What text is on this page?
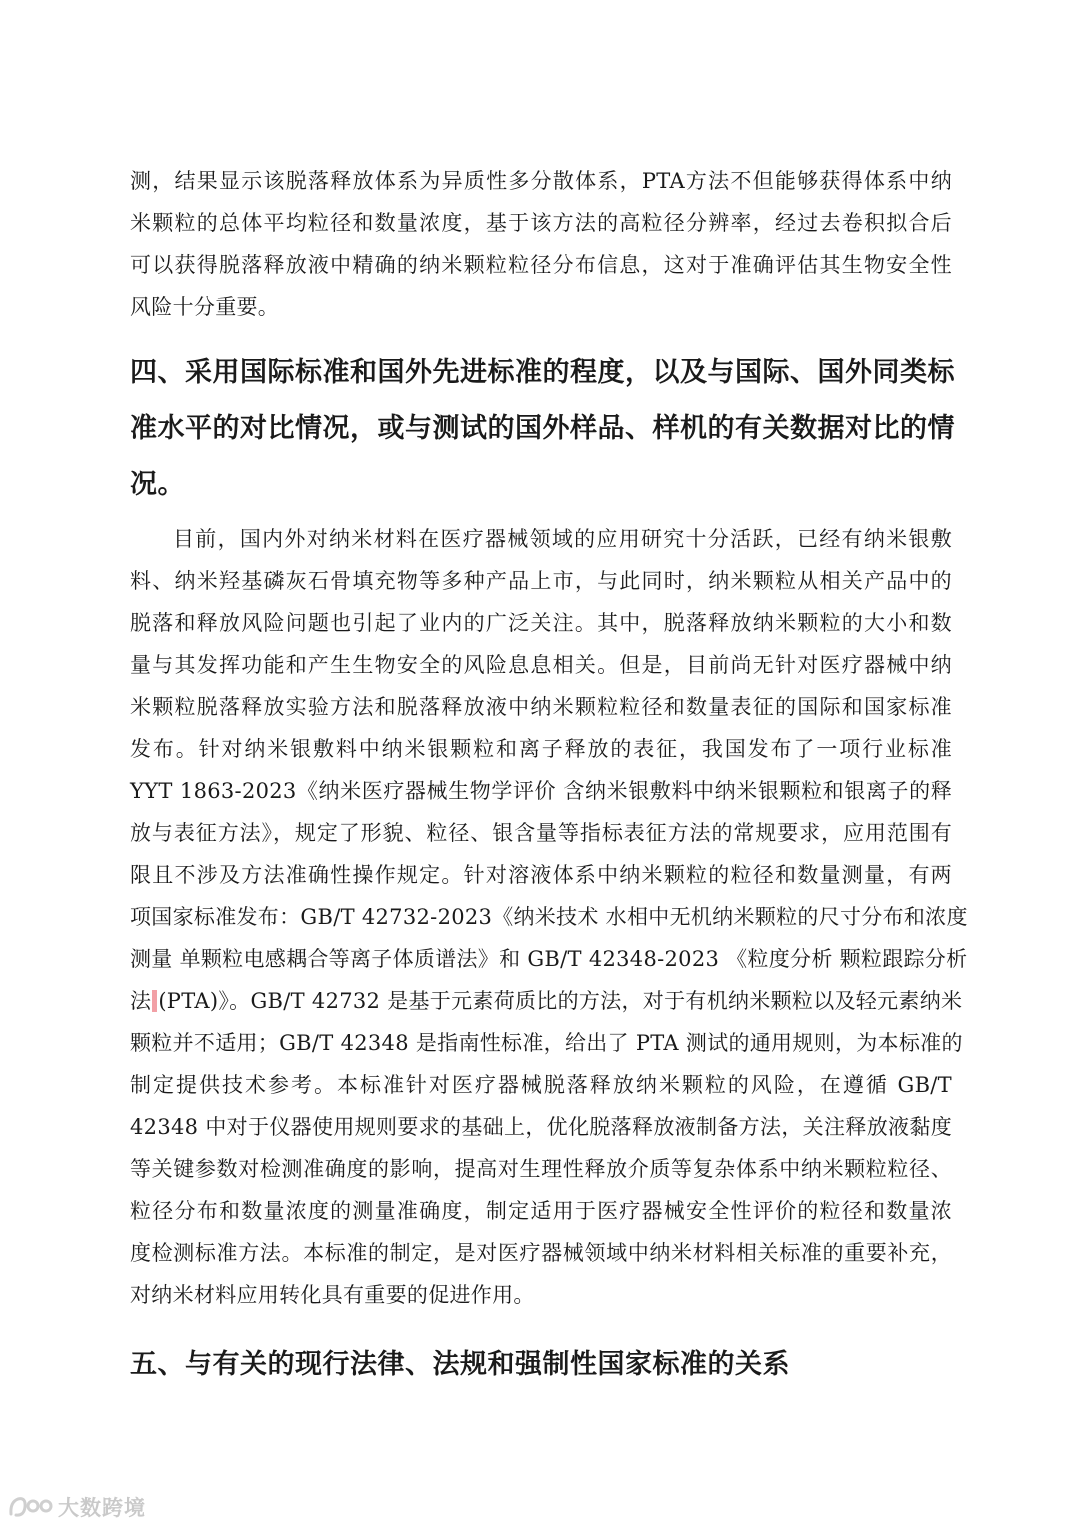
测，结果显示该脱落释放体系为异质性多分散体系，PTA方法不但能够获得体系中纳
米颗粒的总体平均粒径和数量浓度，基于该方法的高粒径分辨率，经过去卷积拟合后
可以获得脱落释放液中精确的纳米颗粒粒径分布信息，这对于准确评估其生物安全性
风险十分重要。
四、采用国际标准和国外先进标准的程度，以及与国际、国外同类标
准水平的对比情况，或与测试的国外样品、样机的有关数据对比的情
况。
目前，国内外对纳米材料在医疗器械领域的应用研究十分活跃，已经有纳米银敷
料、纳米羟基磷灰石骨填充物等多种产品上市，与此同时，纳米颗粒从相关产品中的
脱落和释放风险问题也引起了业内的广泛关注。其中，脱落释放纳米颗粒的大小和数
量与其发挥功能和产生生物安全的风险息息相关。但是，目前尚无针对医疗器械中纳
米颗粒脱落释放实验方法和脱落释放液中纳米颗粒粒径和数量表征的国际和国家标准
发布。针对纳米银敷料中纳米银颗粒和离子释放的表征，我国发布了一项行业标准
YYT 1863-2023《纳米医疗器械生物学评价 含纳米银敷料中纳米银颗粒和银离子的释
放与表征方法》，规定了形貌、粒径、银含量等指标表征方法的常规要求，应用范围有
限且不涉及方法准确性操作规定。针对溶液体系中纳米颗粒的粒径和数量测量，有两
项国家标准发布：GB/T 42732-2023《纳米技术 水相中无机纳米颗粒的尺寸分布和浓度
测量 单颗粒电感耦合等离子体质谱法》和 GB/T 42348-2023 《粒度分析 颗粒跟踪分析
法 (PTA)》。GB/T 42732 是基于元素荷质比的方法，对于有机纳米颗粒以及轻元素纳米
颗粒并不适用；GB/T 42348 是指南性标准，给出了 PTA 测试的通用规则，为本标准的
制定提供技术参考。本标准针对医疗器械脱落释放纳米颗粒的风险，在遵循 GB/T
42348 中对于仪器使用规则要求的基础上，优化脱落释放液制备方法，关注释放液黏度
等关键参数对检测准确度的影响，提高对生理性释放介质等复杂体系中纳米颗粒粒径、
粒径分布和数量浓度的测量准确度，制定适用于医疗器械安全性评价的粒径和数量浓
度检测标准方法。本标准的制定，是对医疗器械领域中纳米材料相关标准的重要补充，
对纳米材料应用转化具有重要的促进作用。
五、与有关的现行法律、法规和强制性国家标准的关系
大数跨境
